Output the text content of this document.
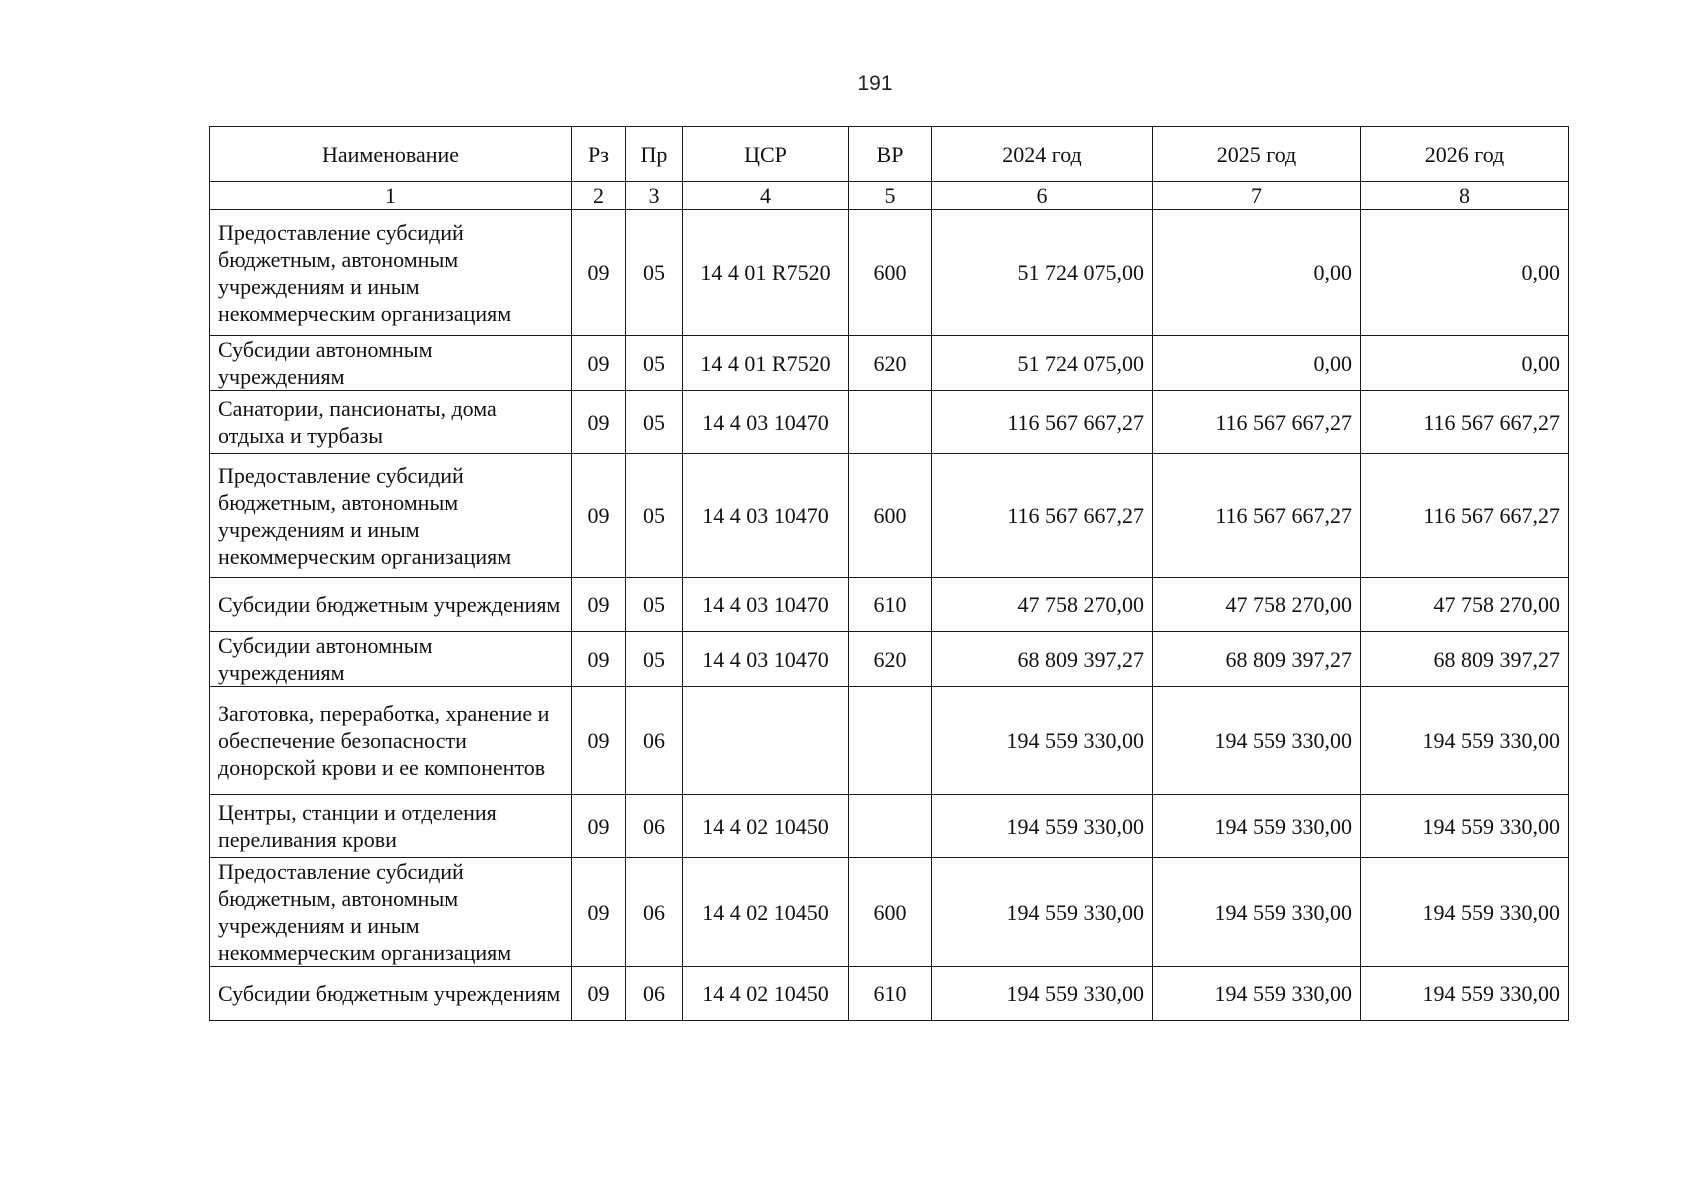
191
Наименование	Рз	Пр	ЦСР	ВР	2024 год	2025 год	2026 год
1	2	3	4	5	6	7	8
Предоставление субсидий бюджетным, автономным учреждениям и иным некоммерческим организациям	09	05	14 4 01 R7520	600	51 724 075,00	0,00	0,00
Субсидии автономным учреждениям	09	05	14 4 01 R7520	620	51 724 075,00	0,00	0,00
Санатории, пансионаты, дома отдыха и турбазы	09	05	14 4 03 10470		116 567 667,27	116 567 667,27	116 567 667,27
Предоставление субсидий бюджетным, автономным учреждениям и иным некоммерческим организациям	09	05	14 4 03 10470	600	116 567 667,27	116 567 667,27	116 567 667,27
Субсидии бюджетным учреждениям	09	05	14 4 03 10470	610	47 758 270,00	47 758 270,00	47 758 270,00
Субсидии автономным учреждениям	09	05	14 4 03 10470	620	68 809 397,27	68 809 397,27	68 809 397,27
Заготовка, переработка, хранение и обеспечение безопасности донорской крови и ее компонентов	09	06			194 559 330,00	194 559 330,00	194 559 330,00
Центры, станции и отделения переливания крови	09	06	14 4 02 10450		194 559 330,00	194 559 330,00	194 559 330,00
Предоставление субсидий бюджетным, автономным учреждениям и иным некоммерческим организациям	09	06	14 4 02 10450	600	194 559 330,00	194 559 330,00	194 559 330,00
Субсидии бюджетным учреждениям	09	06	14 4 02 10450	610	194 559 330,00	194 559 330,00	194 559 330,00
